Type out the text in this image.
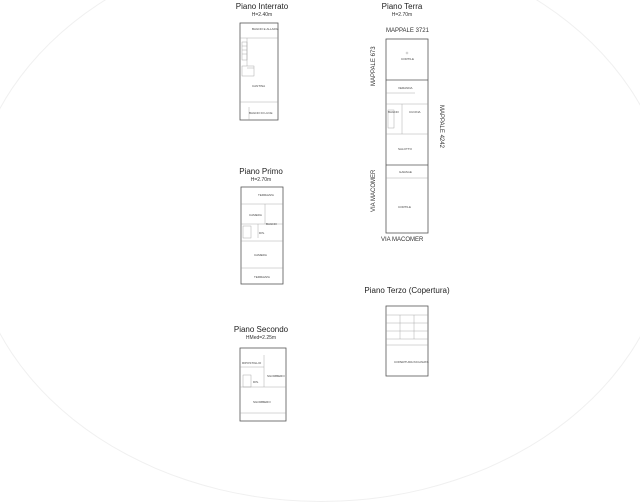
Piano Interrato
H=2.40m
BAGNO E ALLARG.
CANTINA
BAGNO DI LUCE
Piano Terra
H=2.70m
MAPPALE 3721
MAPPALE 673
MAPPALE 4242
VIA MACOMER
VIA MACOMER
CORTILE
VERANDA
BAGNO	CUCINA
SALOTTO
GARAGE
CORTILE
Piano Primo
H=2.70m
TERRAZZA
CAMERA
BAGNO
DIS.
CAMERA
TERRAZZA
Piano Secondo
HMed=2.25m
RIPOSTIGLIO
SGOMBERO
DIS.
SGOMBERO
Piano Terzo (Copertura)
COPERTURA INCLINATA
